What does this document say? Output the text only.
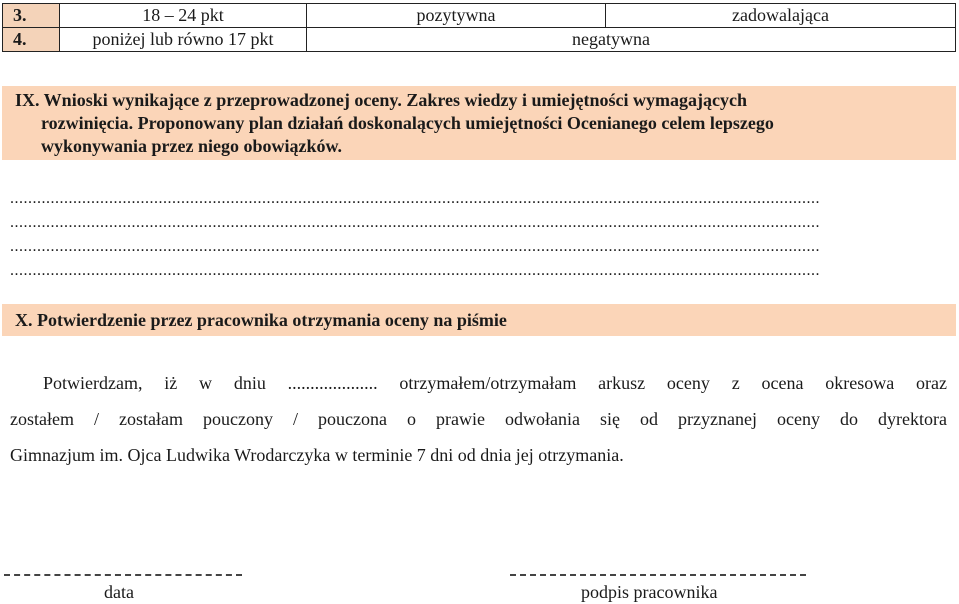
3.	18 – 24 pkt	pozytywna	zadowalająca
4.	poniżej lub równo 17 pkt	negatywna	
IX. Wnioski wynikające z przeprowadzonej oceny. Zakres wiedzy i umiejętności wymagających
rozwinięcia. Proponowany plan działań doskonalących umiejętności Ocenianego celem lepszego
wykonywania przez niego obowiązków.
....................................................................................................................................................................................
....................................................................................................................................................................................
....................................................................................................................................................................................
....................................................................................................................................................................................
X. Potwierdzenie przez pracownika otrzymania oceny na piśmie
Potwierdzam, iż w dniu .................... otrzymałem/otrzymałam arkusz oceny z ocena okresowa oraz
zostałem / zostałam pouczony / pouczona o prawie odwołania się od przyznanej oceny do dyrektora
Gimnazjum im. Ojca Ludwika Wrodarczyka w terminie 7 dni od dnia jej otrzymania.
data	podpis pracownika
